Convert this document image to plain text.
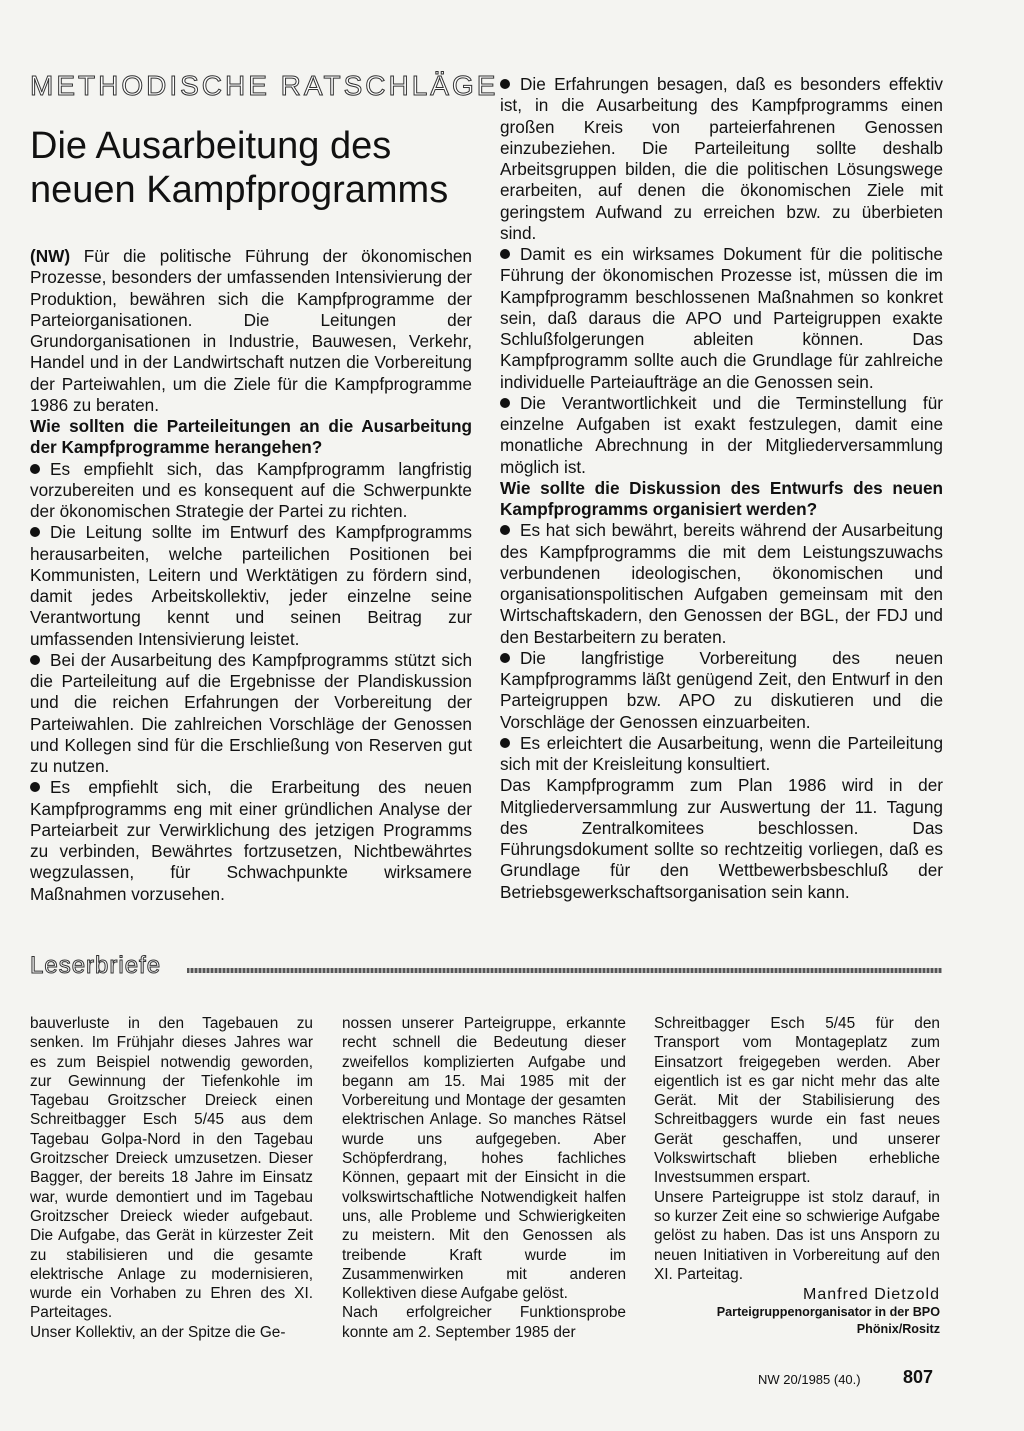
METHODISCHE RATSCHLÄGE
Die Ausarbeitung des neuen Kampfprogramms

(NW) Für die politische Führung der ökonomischen Prozesse, besonders der umfassenden Intensivierung der Produktion, bewähren sich die Kampfprogramme der Parteiorganisationen. Die Leitungen der Grundorganisationen in Industrie, Bauwesen, Verkehr, Handel und in der Landwirtschaft nutzen die Vorbereitung der Parteiwahlen, um die Ziele für die Kampfprogramme 1986 zu beraten.

Wie sollten die Parteileitungen an die Ausarbeitung der Kampfprogramme herangehen?

Es empfiehlt sich, das Kampfprogramm langfristig vorzubereiten und es konsequent auf die Schwerpunkte der ökonomischen Strategie der Partei zu richten.

Die Leitung sollte im Entwurf des Kampfprogramms herausarbeiten, welche parteilichen Positionen bei Kommunisten, Leitern und Werktätigen zu fördern sind, damit jedes Arbeitskollektiv, jeder einzelne seine Verantwortung kennt und seinen Beitrag zur umfassenden Intensivierung leistet.

Bei der Ausarbeitung des Kampfprogramms stützt sich die Parteileitung auf die Ergebnisse der Plandiskussion und die reichen Erfahrungen der Vorbereitung der Parteiwahlen. Die zahlreichen Vorschläge der Genossen und Kollegen sind für die Erschließung von Reserven gut zu nutzen.

Es empfiehlt sich, die Erarbeitung des neuen Kampfprogramms eng mit einer gründlichen Analyse der Parteiarbeit zur Verwirklichung des jetzigen Programms zu verbinden, Bewährtes fortzusetzen, Nichtbewährtes wegzulassen, für Schwachpunkte wirksamere Maßnahmen vorzusehen.

Die Erfahrungen besagen, daß es besonders effektiv ist, in die Ausarbeitung des Kampfprogramms einen großen Kreis von parteierfahrenen Genossen einzubeziehen. Die Parteileitung sollte deshalb Arbeitsgruppen bilden, die die politischen Lösungswege erarbeiten, auf denen die ökonomischen Ziele mit geringstem Aufwand zu erreichen bzw. zu überbieten sind.

Damit es ein wirksames Dokument für die politische Führung der ökonomischen Prozesse ist, müssen die im Kampfprogramm beschlossenen Maßnahmen so konkret sein, daß daraus die APO und Parteigruppen exakte Schlußfolgerungen ableiten können. Das Kampfprogramm sollte auch die Grundlage für zahlreiche individuelle Parteiaufträge an die Genossen sein.

Die Verantwortlichkeit und die Terminstellung für einzelne Aufgaben ist exakt festzulegen, damit eine monatliche Abrechnung in der Mitgliederversammlung möglich ist.

Wie sollte die Diskussion des Entwurfs des neuen Kampfprogramms organisiert werden?

Es hat sich bewährt, bereits während der Ausarbeitung des Kampfprogramms die mit dem Leistungszuwachs verbundenen ideologischen, ökonomischen und organisationspolitischen Aufgaben gemeinsam mit den Wirtschaftskadern, den Genossen der BGL, der FDJ und den Bestarbeitern zu beraten.

Die langfristige Vorbereitung des neuen Kampfprogramms läßt genügend Zeit, den Entwurf in den Parteigruppen bzw. APO zu diskutieren und die Vorschläge der Genossen einzuarbeiten.

Es erleichtert die Ausarbeitung, wenn die Parteileitung sich mit der Kreisleitung konsultiert.

Das Kampfprogramm zum Plan 1986 wird in der Mitgliederversammlung zur Auswertung der 11. Tagung des Zentralkomitees beschlossen. Das Führungsdokument sollte so rechtzeitig vorliegen, daß es Grundlage für den Wettbewerbsbeschluß der Betriebsgewerkschaftsorganisation sein kann.

Leserbriefe

bauverluste in den Tagebauen zu senken. Im Frühjahr dieses Jahres war es zum Beispiel notwendig geworden, zur Gewinnung der Tiefenkohle im Tagebau Groitzscher Dreieck einen Schreitbagger Esch 5/45 aus dem Tagebau Golpa-Nord in den Tagebau Groitzscher Dreieck umzusetzen. Dieser Bagger, der bereits 18 Jahre im Einsatz war, wurde demontiert und im Tagebau Groitzscher Dreieck wieder aufgebaut. Die Aufgabe, das Gerät in kürzester Zeit zu stabilisieren und die gesamte elektrische Anlage zu modernisieren, wurde ein Vorhaben zu Ehren des XI. Parteitages.

Unser Kollektiv, an der Spitze die Ge-

nossen unserer Parteigruppe, erkannte recht schnell die Bedeutung dieser zweifellos komplizierten Aufgabe und begann am 15. Mai 1985 mit der Vorbereitung und Montage der gesamten elektrischen Anlage. So manches Rätsel wurde uns aufgegeben. Aber Schöpferdrang, hohes fachliches Können, gepaart mit der Einsicht in die volkswirtschaftliche Notwendigkeit halfen uns, alle Probleme und Schwierigkeiten zu meistern. Mit den Genossen als treibende Kraft wurde im Zusammenwirken mit anderen Kollektiven diese Aufgabe gelöst.

Nach erfolgreicher Funktionsprobe konnte am 2. September 1985 der

Schreitbagger Esch 5/45 für den Transport vom Montageplatz zum Einsatzort freigegeben werden. Aber eigentlich ist es gar nicht mehr das alte Gerät. Mit der Stabilisierung des Schreitbaggers wurde ein fast neues Gerät geschaffen, und unserer Volkswirtschaft blieben erhebliche Investsummen erspart.

Unsere Parteigruppe ist stolz darauf, in so kurzer Zeit eine so schwierige Aufgabe gelöst zu haben. Das ist uns Ansporn zu neuen Initiativen in Vorbereitung auf den XI. Parteitag.

Manfred Dietzold
Parteigruppenorganisator in der BPO
Phönix/Rositz
NW 20/1985 (40.) 807
